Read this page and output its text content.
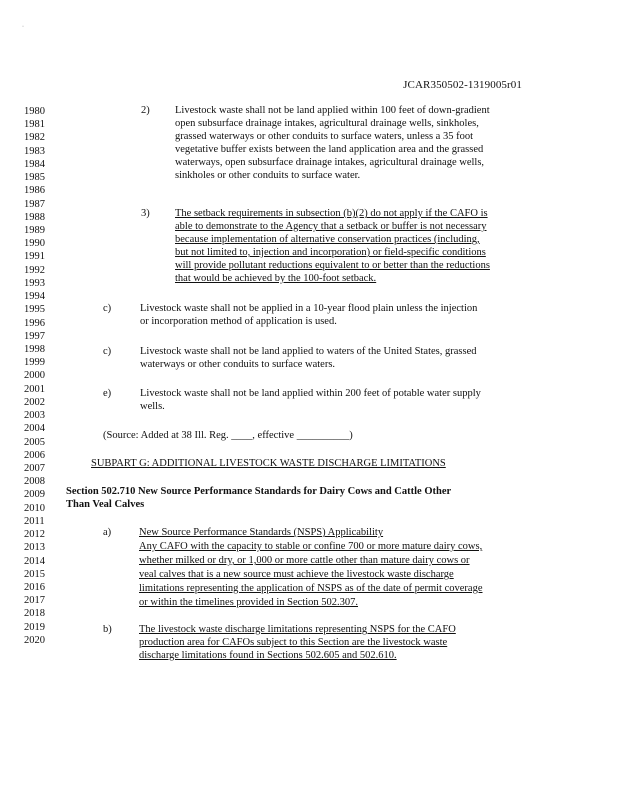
·
JCAR350502-1319005r01
1980
1981
1982
1983
1984
1985
1986
1987
1988
1989
1990
1991
1992
1993
1994
1995
1996
1997
1998
1999
2000
2001
2002
2003
2004
2005
2006
2007
2008
2009
2010
2011
2012
2013
2014
2015
2016
2017
2018
2019
2020
2) Livestock waste shall not be land applied within 100 feet of down-gradient
open subsurface drainage intakes, agricultural drainage wells, sinkholes,
grassed waterways or other conduits to surface waters, unless a 35 foot
vegetative buffer exists between the land application area and the grassed
waterways, open subsurface drainage intakes, agricultural drainage wells,
sinkholes or other conduits to surface water.
3) The setback requirements in subsection (b)(2) do not apply if the CAFO is
able to demonstrate to the Agency that a setback or buffer is not necessary
because implementation of alternative conservation practices (including,
but not limited to, injection and incorporation) or field-specific conditions
will provide pollutant reductions equivalent to or better than the reductions
that would be achieved by the 100-foot setback.
c)	Livestock waste shall not be applied in a 10-year flood plain unless the injection
or incorporation method of application is used.
c)	Livestock waste shall not be land applied to waters of the United States, grassed
waterways or other conduits to surface waters.
e)	Livestock waste shall not be land applied within 200 feet of potable water supply
wells.
(Source: Added at 38 Ill. Reg. ____, effective __________)
SUBPART G: ADDITIONAL LIVESTOCK WASTE DISCHARGE LIMITATIONS
Section 502.710 New Source Performance Standards for Dairy Cows and Cattle Other
Than Veal Calves
a)	New Source Performance Standards (NSPS) Applicability
Any CAFO with the capacity to stable or confine 700 or more mature dairy cows,
whether milked or dry, or 1,000 or more cattle other than mature dairy cows or
veal calves that is a new source must achieve the livestock waste discharge
limitations representing the application of NSPS as of the date of permit coverage
or within the timelines provided in Section 502.307.
b)	The livestock waste discharge limitations representing NSPS for the CAFO
production area for CAFOs subject to this Section are the livestock waste
discharge limitations found in Sections 502.605 and 502.610.
